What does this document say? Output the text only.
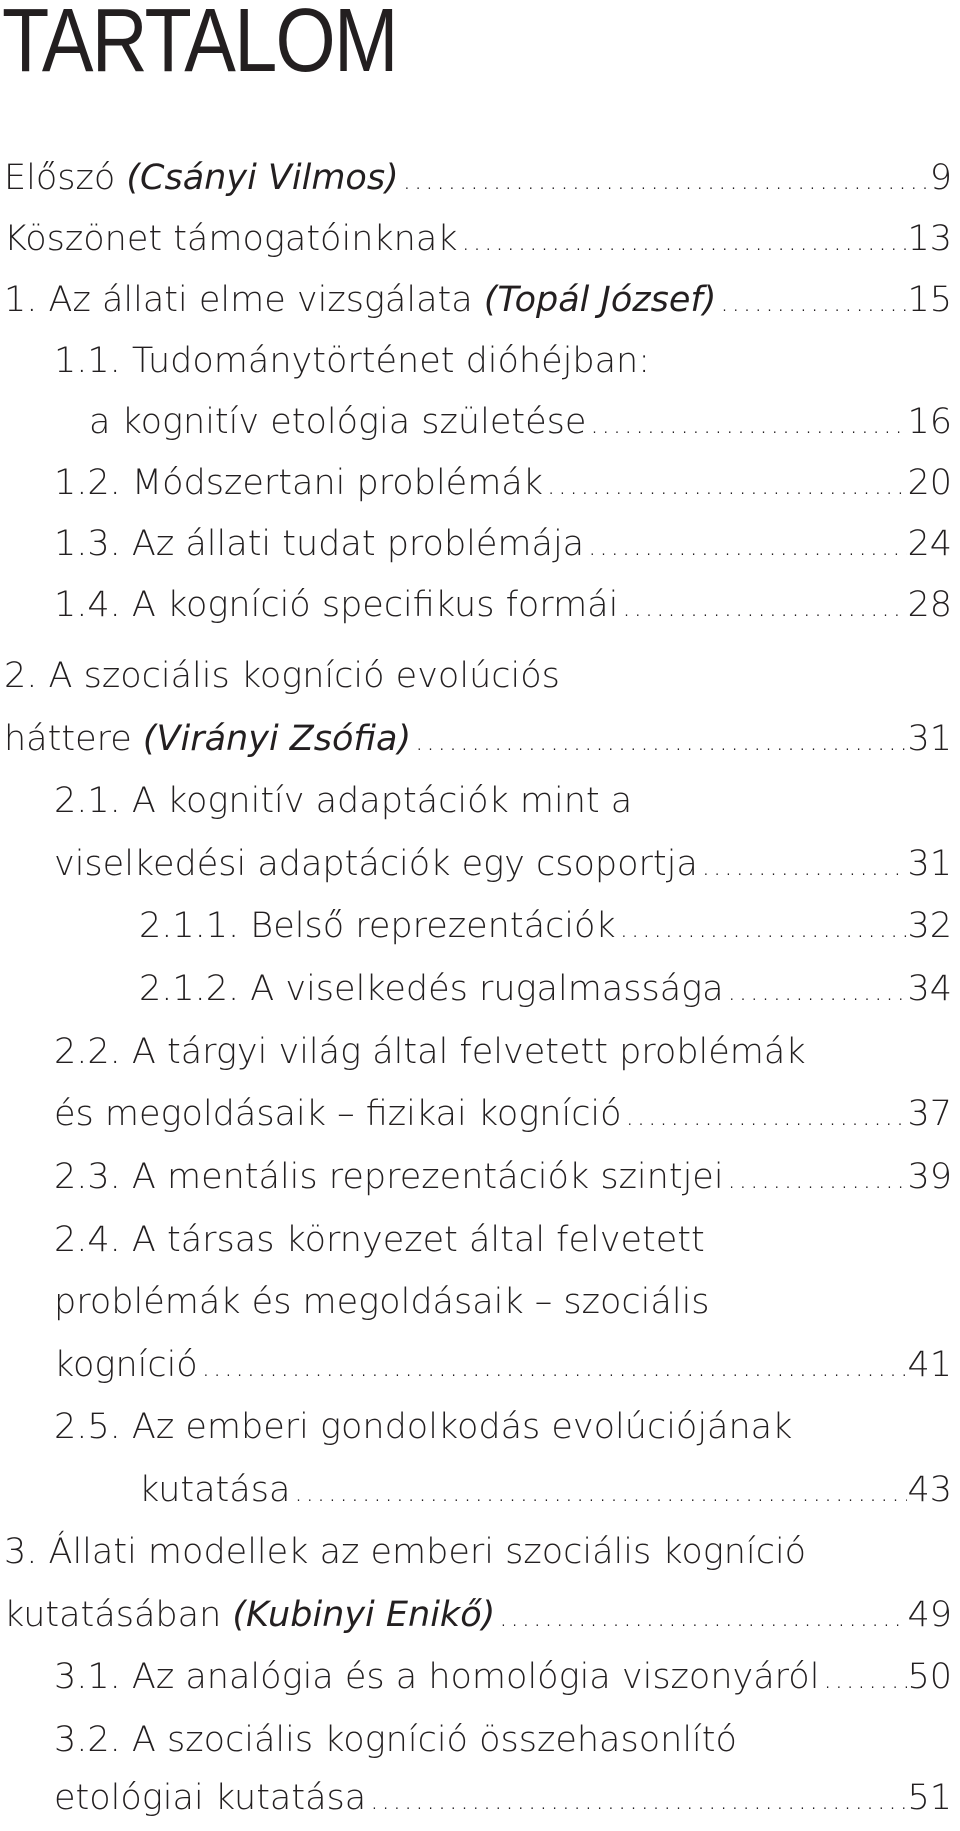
TARTALOM
Előszó (Csányi Vilmos) .....	9
Köszönet támogatóinknak .....	13
1. Az állati elme vizsgálata (Topál József) .....	15
1.1. Tudománytörténet dióhéjban:
a kognitív etológia születése .....	16
1.2. Módszertani problémák .....	20
1.3. Az állati tudat problémája .....	24
1.4. A kogníció specifikus formái .....	28
2. A szociális kogníció evolúciós
háttere (Virányi Zsófia) .....	31
2.1. A kognitív adaptációk mint a
viselkedési adaptációk egy csoportja .....	31
2.1.1. Belső reprezentációk .....	32
2.1.2. A viselkedés rugalmassága .....	34
2.2. A tárgyi világ által felvetett problémák
és megoldásaik – fizikai kogníció .....	37
2.3. A mentális reprezentációk szintjei .....	39
2.4. A társas környezet által felvetett
problémák és megoldásaik – szociális
kogníció .....	41
2.5. Az emberi gondolkodás evolúciójának
kutatása .....	43
3. Állati modellek az emberi szociális kogníció
kutatásában (Kubinyi Enikő) .....	49
3.1. Az analógia és a homológia viszonyáról .....	50
3.2. A szociális kogníció összehasonlító
etológiai kutatása .....	51
